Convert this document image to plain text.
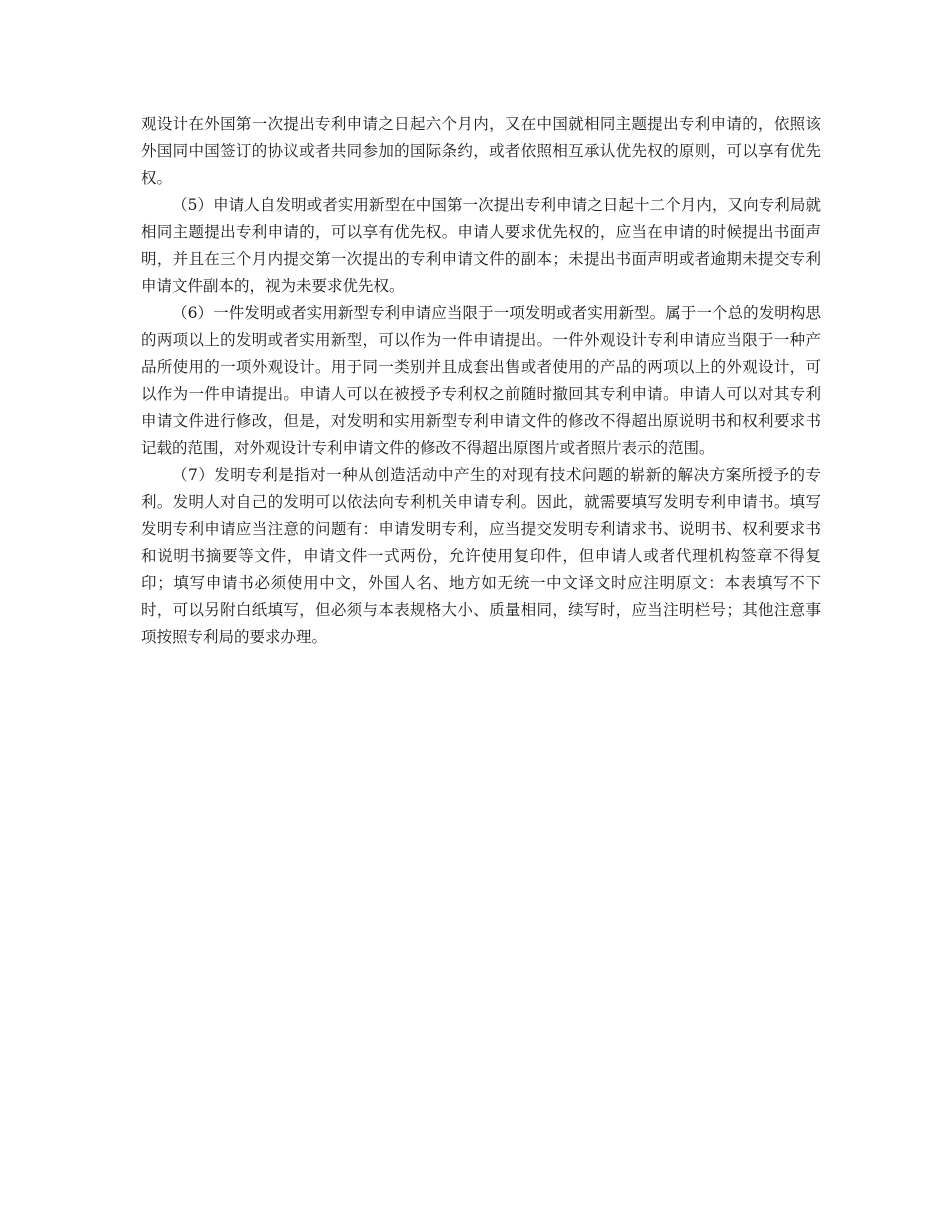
观设计在外国第一次提出专利申请之日起六个月内，又在中国就相同主题提出专利申请的，依照该外国同中国签订的协议或者共同参加的国际条约，或者依照相互承认优先权的原则，可以享有优先权。

（5）申请人自发明或者实用新型在中国第一次提出专利申请之日起十二个月内，又向专利局就相同主题提出专利申请的，可以享有优先权。申请人要求优先权的，应当在申请的时候提出书面声明，并且在三个月内提交第一次提出的专利申请文件的副本；未提出书面声明或者逾期未提交专利申请文件副本的，视为未要求优先权。

（6）一件发明或者实用新型专利申请应当限于一项发明或者实用新型。属于一个总的发明构思的两项以上的发明或者实用新型，可以作为一件申请提出。一件外观设计专利申请应当限于一种产品所使用的一项外观设计。用于同一类别并且成套出售或者使用的产品的两项以上的外观设计，可以作为一件申请提出。申请人可以在被授予专利权之前随时撤回其专利申请。申请人可以对其专利申请文件进行修改，但是，对发明和实用新型专利申请文件的修改不得超出原说明书和权利要求书记载的范围，对外观设计专利申请文件的修改不得超出原图片或者照片表示的范围。

（7）发明专利是指对一种从创造活动中产生的对现有技术问题的崭新的解决方案所授予的专利。发明人对自己的发明可以依法向专利机关申请专利。因此，就需要填写发明专利申请书。填写发明专利申请应当注意的问题有：申请发明专利，应当提交发明专利请求书、说明书、权利要求书和说明书摘要等文件，申请文件一式两份，允许使用复印件，但申请人或者代理机构签章不得复印；填写申请书必须使用中文，外国人名、地方如无统一中文译文时应注明原文：本表填写不下时，可以另附白纸填写，但必须与本表规格大小、质量相同，续写时，应当注明栏号；其他注意事项按照专利局的要求办理。
